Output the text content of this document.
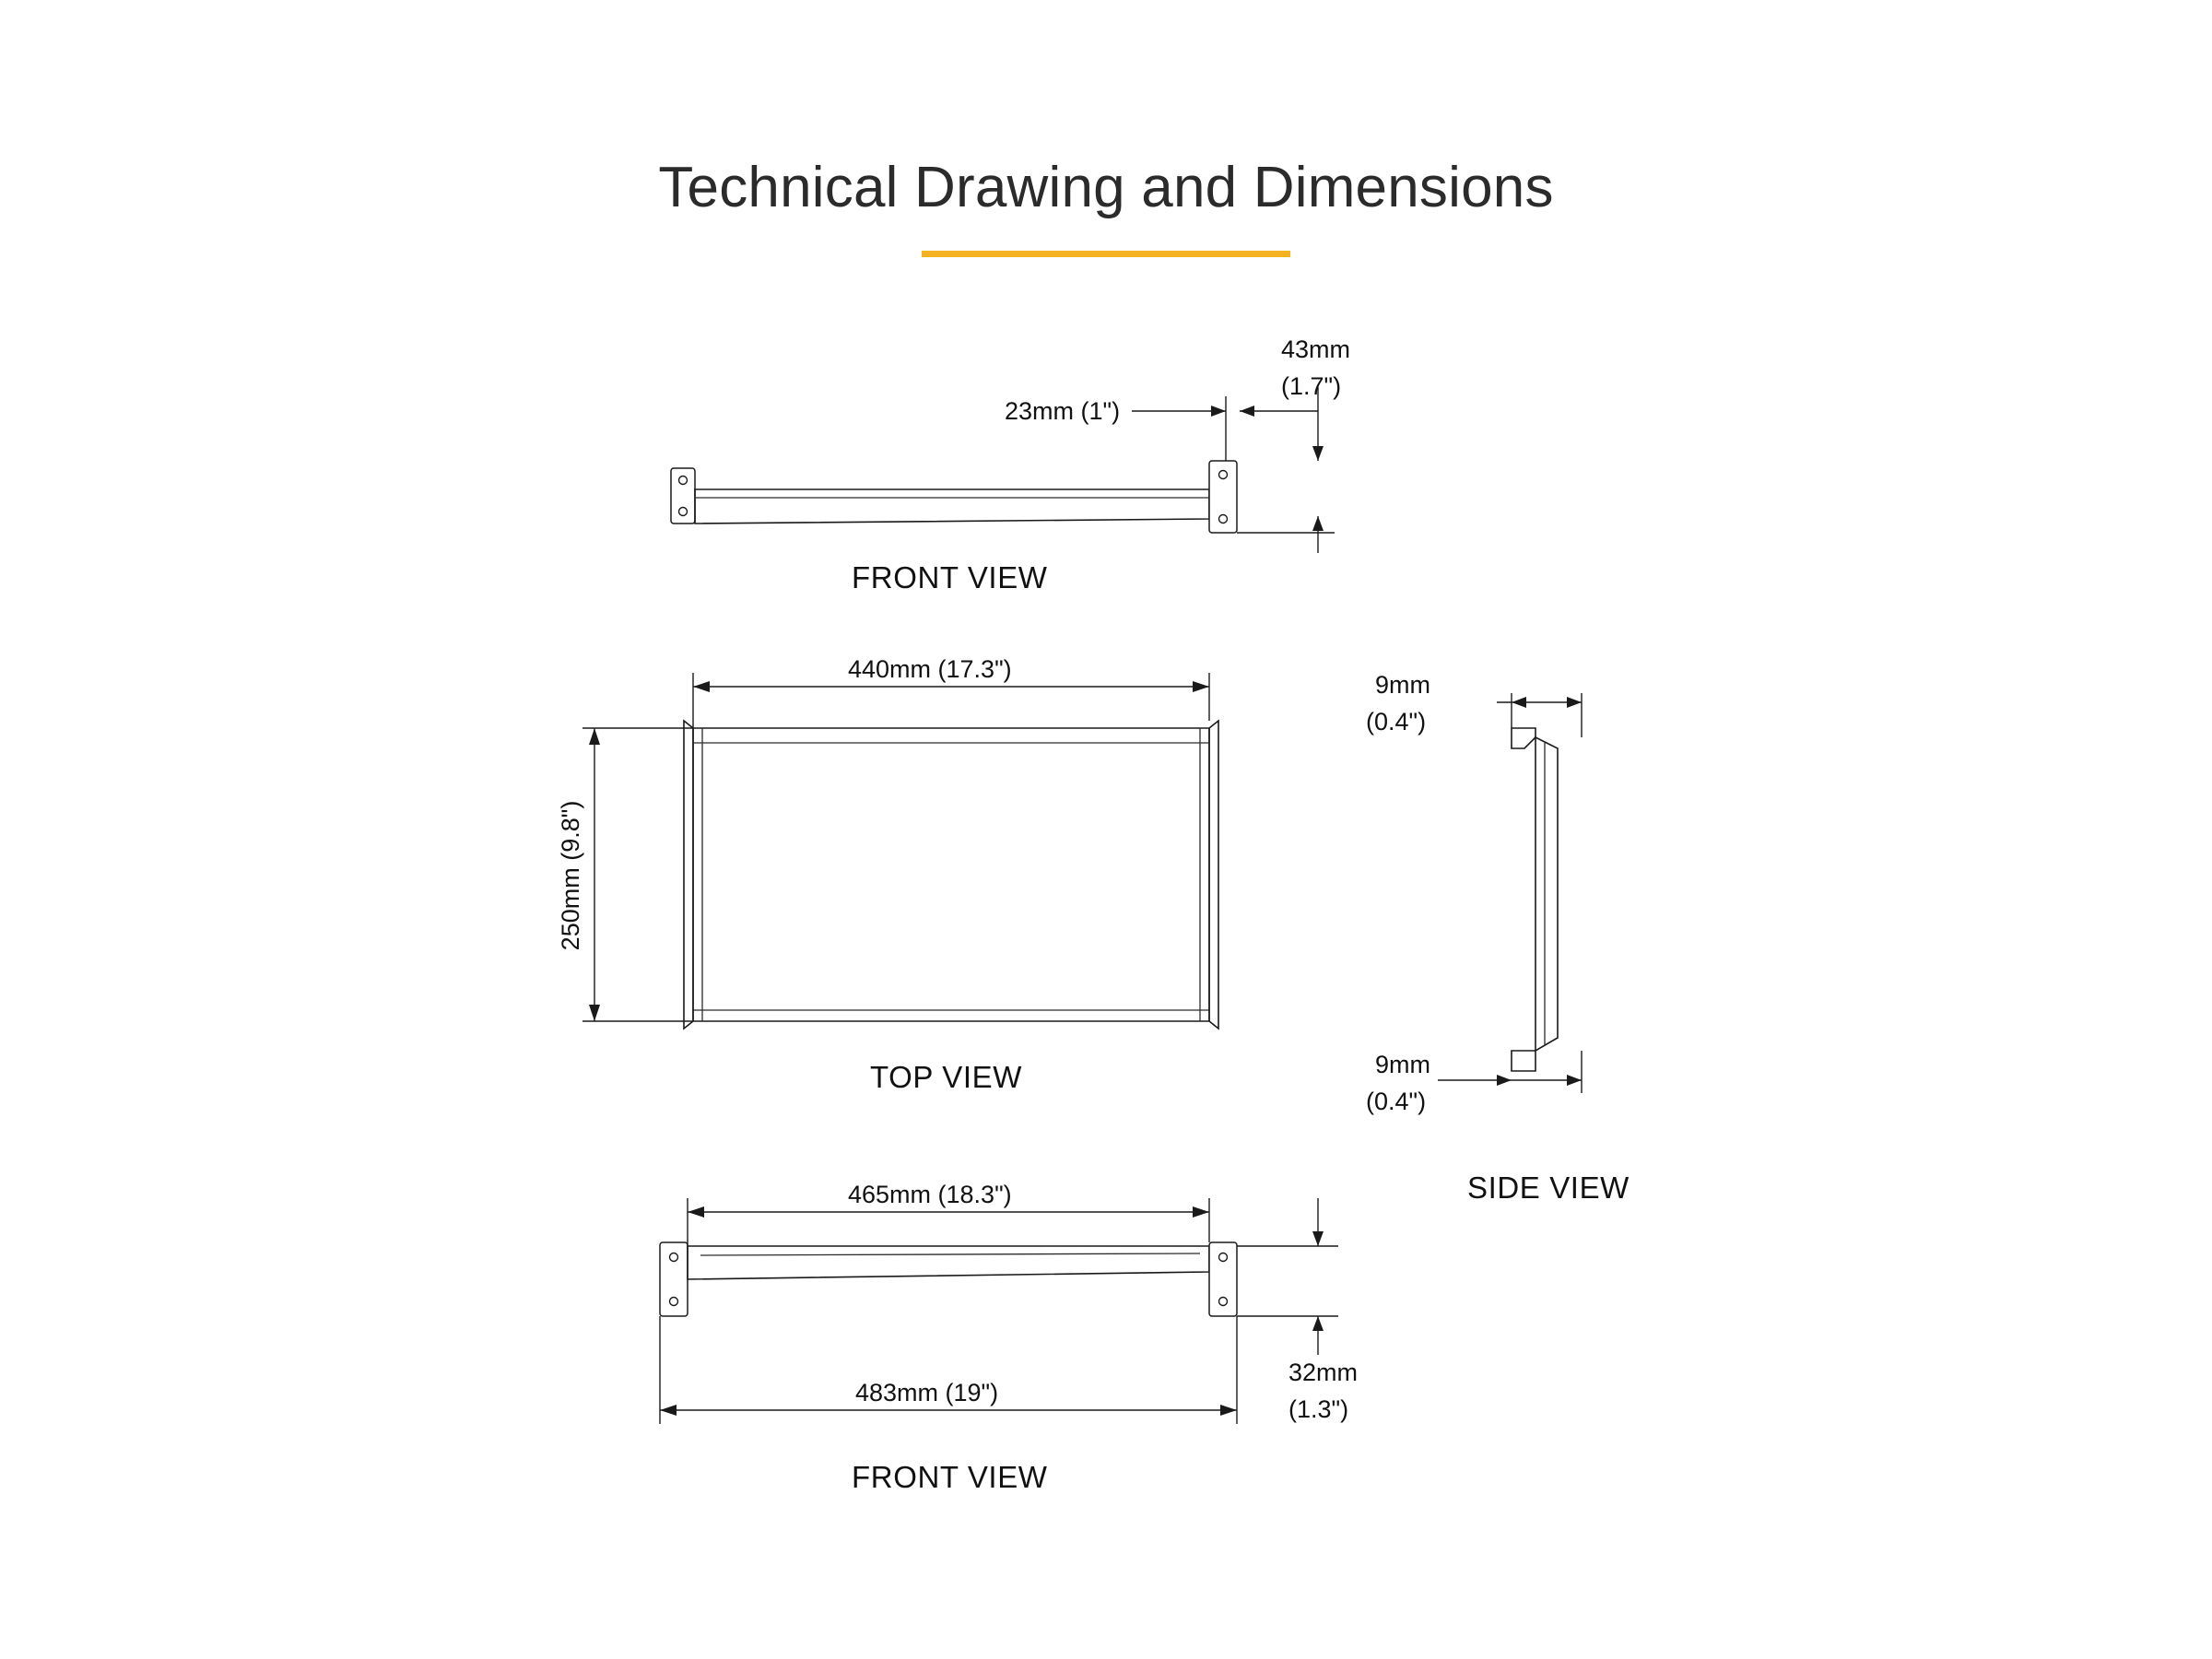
Technical Drawing and Dimensions
23mm (1")
43mm
(1.7")
FRONT VIEW
440mm (17.3")
250mm (9.8")
TOP VIEW
9mm
(0.4")
9mm
(0.4")
SIDE VIEW
465mm (18.3")
483mm (19")
32mm
(1.3")
FRONT VIEW
